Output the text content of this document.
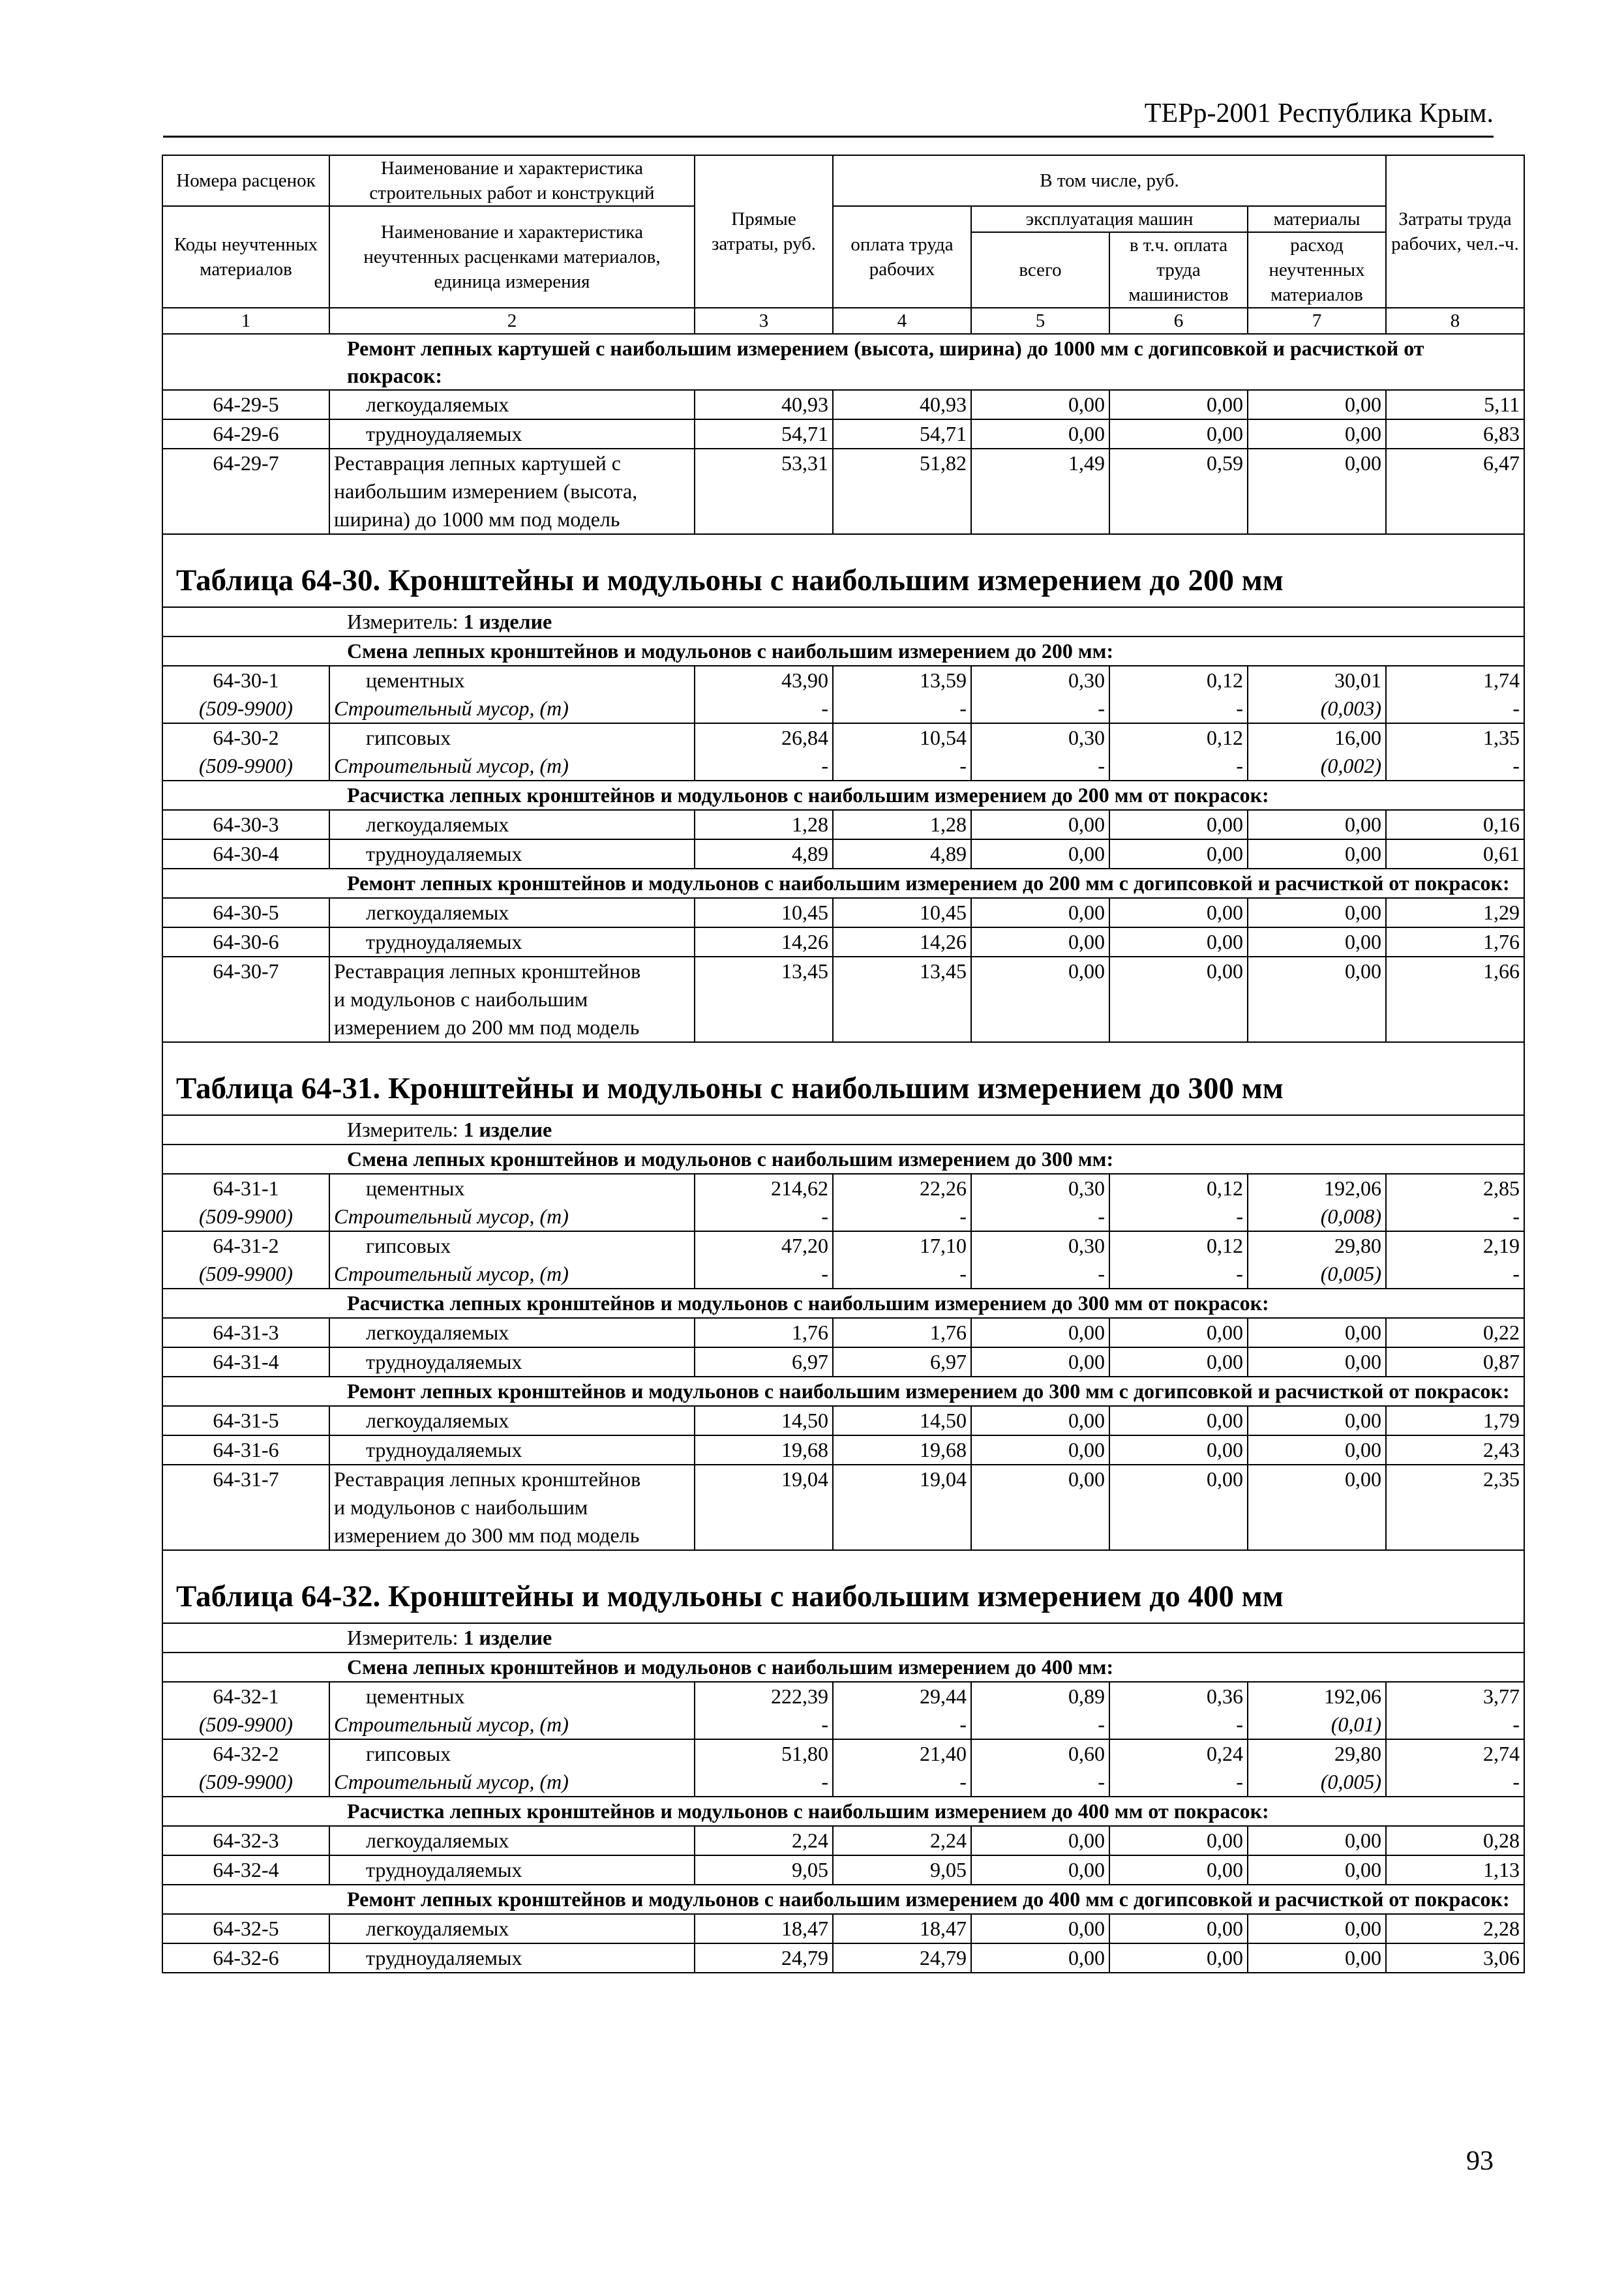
ТЕРр-2001 Республика Крым.
Номера расценок	Наименование и характеристика строительных работ и конструкций	Прямые затраты, руб.	В том числе, руб.				Затраты труда рабочих, чел.-ч.
Коды неучтенных материалов	Наименование и характеристика неучтенных расценками материалов, единица измерения		оплата труда рабочих	эксплуатация машин		материалы	
				всего	в т.ч. оплата труда машинистов	расход неучтенных материалов	
1	2	3	4	5	6	7	8
Ремонт лепных картушей с наибольшим измерением (высота, ширина) до 1000 мм с догипсовкой и расчисткой от покрасок:							
64-29-5	легкоудаляемых	40,93	40,93	0,00	0,00	0,00	5,11
64-29-6	трудноудаляемых	54,71	54,71	0,00	0,00	0,00	6,83
64-29-7	Реставрация лепных картушей с	53,31	51,82	1,49	0,59	0,00	6,47
	наибольшим измерением (высота,						
	ширина) до 1000 мм под модель						
Таблица 64-30. Кронштейны и модульоны с наибольшим измерением до 200 мм							
Измеритель: 1 изделие							
Смена лепных кронштейнов и модульонов с наибольшим измерением до 200 мм:							
64-30-1	цементных	43,90	13,59	0,30	0,12	30,01	1,74
(509-9900)	Строительный мусор, (т)	-	-	-	-	(0,003)	-
64-30-2	гипсовых	26,84	10,54	0,30	0,12	16,00	1,35
(509-9900)	Строительный мусор, (т)	-	-	-	-	(0,002)	-
Расчистка лепных кронштейнов и модульонов с наибольшим измерением до 200 мм от покрасок:							
64-30-3	легкоудаляемых	1,28	1,28	0,00	0,00	0,00	0,16
64-30-4	трудноудаляемых	4,89	4,89	0,00	0,00	0,00	0,61
Ремонт лепных кронштейнов и модульонов с наибольшим измерением до 200 мм с догипсовкой и расчисткой от покрасок:							
64-30-5	легкоудаляемых	10,45	10,45	0,00	0,00	0,00	1,29
64-30-6	трудноудаляемых	14,26	14,26	0,00	0,00	0,00	1,76
64-30-7	Реставрация лепных кронштейнов	13,45	13,45	0,00	0,00	0,00	1,66
	и модульонов с наибольшим						
	измерением до 200 мм под модель						
Таблица 64-31. Кронштейны и модульоны с наибольшим измерением до 300 мм							
Измеритель: 1 изделие							
Смена лепных кронштейнов и модульонов с наибольшим измерением до 300 мм:							
64-31-1	цементных	214,62	22,26	0,30	0,12	192,06	2,85
(509-9900)	Строительный мусор, (т)	-	-	-	-	(0,008)	-
64-31-2	гипсовых	47,20	17,10	0,30	0,12	29,80	2,19
(509-9900)	Строительный мусор, (т)	-	-	-	-	(0,005)	-
Расчистка лепных кронштейнов и модульонов с наибольшим измерением до 300 мм от покрасок:							
64-31-3	легкоудаляемых	1,76	1,76	0,00	0,00	0,00	0,22
64-31-4	трудноудаляемых	6,97	6,97	0,00	0,00	0,00	0,87
Ремонт лепных кронштейнов и модульонов с наибольшим измерением до 300 мм с догипсовкой и расчисткой от покрасок:							
64-31-5	легкоудаляемых	14,50	14,50	0,00	0,00	0,00	1,79
64-31-6	трудноудаляемых	19,68	19,68	0,00	0,00	0,00	2,43
64-31-7	Реставрация лепных кронштейнов	19,04	19,04	0,00	0,00	0,00	2,35
	и модульонов с наибольшим						
	измерением до 300 мм под модель						
Таблица 64-32. Кронштейны и модульоны с наибольшим измерением до 400 мм							
Измеритель: 1 изделие							
Смена лепных кронштейнов и модульонов с наибольшим измерением до 400 мм:							
64-32-1	цементных	222,39	29,44	0,89	0,36	192,06	3,77
(509-9900)	Строительный мусор, (т)	-	-	-	-	(0,01)	-
64-32-2	гипсовых	51,80	21,40	0,60	0,24	29,80	2,74
(509-9900)	Строительный мусор, (т)	-	-	-	-	(0,005)	-
Расчистка лепных кронштейнов и модульонов с наибольшим измерением до 400 мм от покрасок:							
64-32-3	легкоудаляемых	2,24	2,24	0,00	0,00	0,00	0,28
64-32-4	трудноудаляемых	9,05	9,05	0,00	0,00	0,00	1,13
Ремонт лепных кронштейнов и модульонов с наибольшим измерением до 400 мм с догипсовкой и расчисткой от покрасок:							
64-32-5	легкоудаляемых	18,47	18,47	0,00	0,00	0,00	2,28
64-32-6	трудноудаляемых	24,79	24,79	0,00	0,00	0,00	3,06
93
